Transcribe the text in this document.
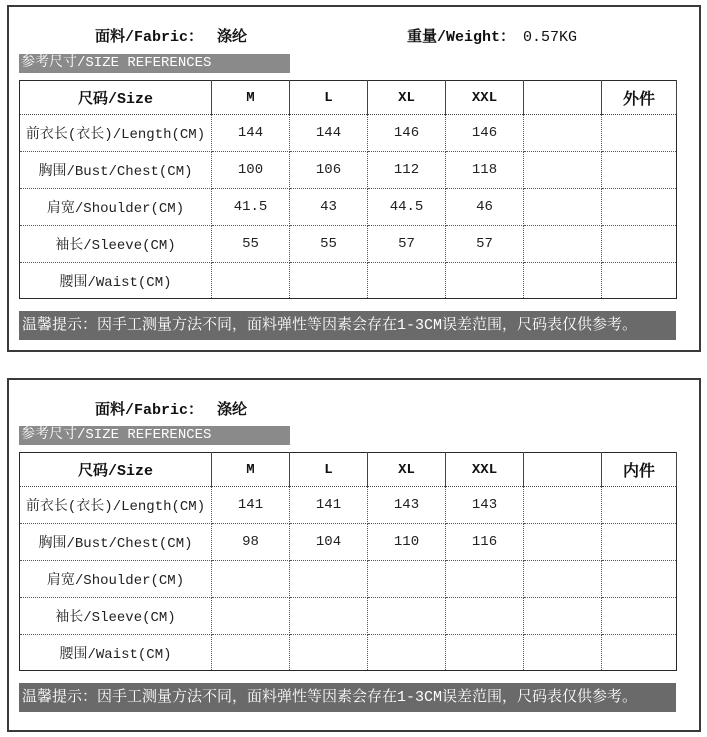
面料/Fabric： 涤纶	重量/Weight： 0.57KG
参考尺寸/SIZE REFERENCES
尺码/Size	M	L	XL	XXL		外件
前衣长(衣长)/Length(CM)	144	144	146	146		
胸围/Bust/Chest(CM)	100	106	112	118		
肩宽/Shoulder(CM)	41.5	43	44.5	46		
袖长/Sleeve(CM)	55	55	57	57		
腰围/Waist(CM)						
温馨提示：因手工测量方法不同，面料弹性等因素会存在1-3CM误差范围，尺码表仅供参考。
面料/Fabric： 涤纶
参考尺寸/SIZE REFERENCES
尺码/Size	M	L	XL	XXL		内件
前衣长(衣长)/Length(CM)	141	141	143	143		
胸围/Bust/Chest(CM)	98	104	110	116		
肩宽/Shoulder(CM)						
袖长/Sleeve(CM)						
腰围/Waist(CM)						
温馨提示：因手工测量方法不同，面料弹性等因素会存在1-3CM误差范围，尺码表仅供参考。
